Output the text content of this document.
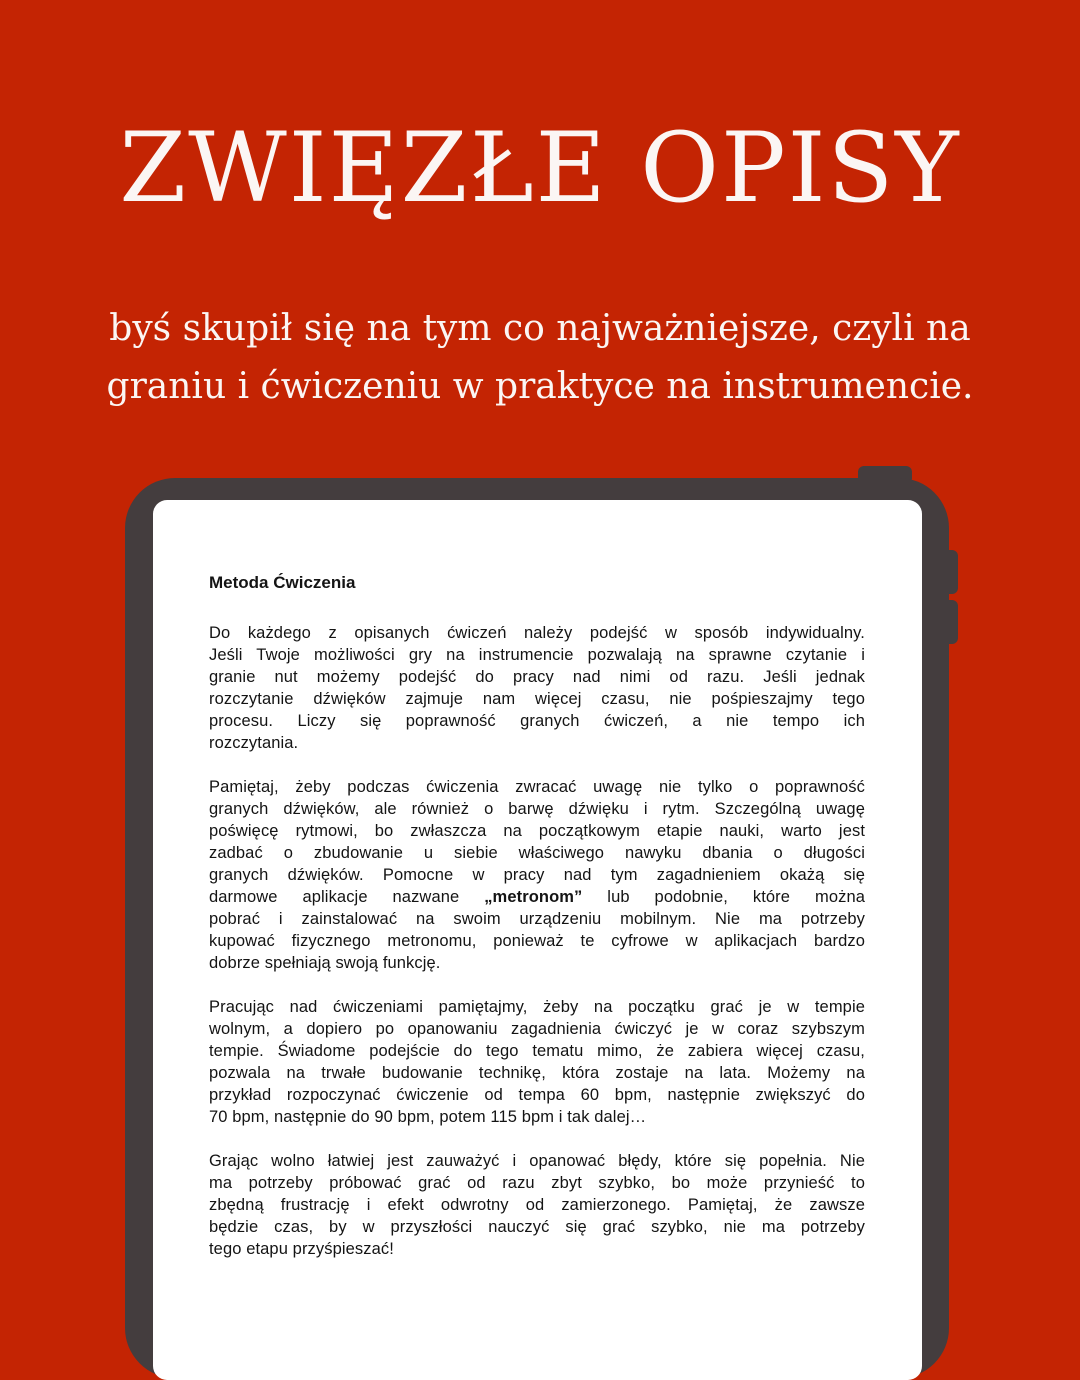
ZWIĘZŁE OPISY
byś skupił się na tym co najważniejsze, czyli na
graniu i ćwiczeniu w praktyce na instrumencie.
Metoda Ćwiczenia
Do każdego z opisanych ćwiczeń należy podejść w sposób indywidualny.
Jeśli Twoje możliwości gry na instrumencie pozwalają na sprawne czytanie i
granie nut możemy podejść do pracy nad nimi od razu. Jeśli jednak
rozczytanie dźwięków zajmuje nam więcej czasu, nie pośpieszajmy tego
procesu. Liczy się poprawność granych ćwiczeń, a nie tempo ich
rozczytania.
Pamiętaj, żeby podczas ćwiczenia zwracać uwagę nie tylko o poprawność
granych dźwięków, ale również o barwę dźwięku i rytm. Szczególną uwagę
poświęcę rytmowi, bo zwłaszcza na początkowym etapie nauki, warto jest
zadbać o zbudowanie u siebie właściwego nawyku dbania o długości
granych dźwięków. Pomocne w pracy nad tym zagadnieniem okażą się
darmowe aplikacje nazwane „metronom” lub podobnie, które można
pobrać i zainstalować na swoim urządzeniu mobilnym. Nie ma potrzeby
kupować fizycznego metronomu, ponieważ te cyfrowe w aplikacjach bardzo
dobrze spełniają swoją funkcję.
Pracując nad ćwiczeniami pamiętajmy, żeby na początku grać je w tempie
wolnym, a dopiero po opanowaniu zagadnienia ćwiczyć je w coraz szybszym
tempie. Świadome podejście do tego tematu mimo, że zabiera więcej czasu,
pozwala na trwałe budowanie technikę, która zostaje na lata. Możemy na
przykład rozpoczynać ćwiczenie od tempa 60 bpm, następnie zwiększyć do
70 bpm, następnie do 90 bpm, potem 115 bpm i tak dalej…
Grając wolno łatwiej jest zauważyć i opanować błędy, które się popełnia. Nie
ma potrzeby próbować grać od razu zbyt szybko, bo może przynieść to
zbędną frustrację i efekt odwrotny od zamierzonego. Pamiętaj, że zawsze
będzie czas, by w przyszłości nauczyć się grać szybko, nie ma potrzeby
tego etapu przyśpieszać!
